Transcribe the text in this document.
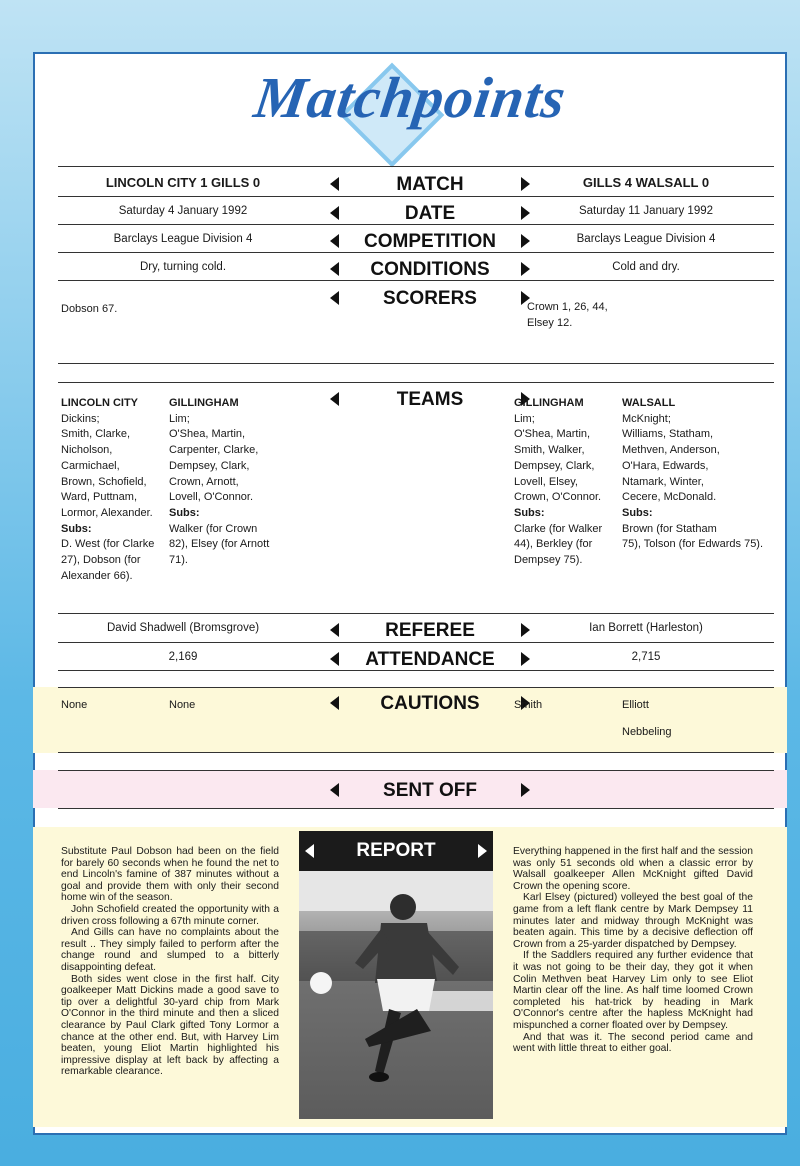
Matchpoints
LINCOLN CITY 1 GILLS 0	MATCH	GILLS 4 WALSALL 0
Saturday 4 January 1992	DATE	Saturday 11 January 1992
Barclays League Division 4	COMPETITION	Barclays League Division 4
Dry, turning cold.	CONDITIONS	Cold and dry.
SCORERS
Dobson 67.	Crown 1, 26, 44,
Elsey 12.
TEAMS
LINCOLN CITY
Dickins;
Smith, Clarke,
Nicholson,
Carmichael,
Brown, Schofield,
Ward, Puttnam,
Lormor, Alexander.
Subs:
D. West (for Clarke
27), Dobson (for
Alexander 66).
GILLINGHAM
Lim;
O'Shea, Martin,
Carpenter, Clarke,
Dempsey, Clark,
Crown, Arnott,
Lovell, O'Connor.
Subs:
Walker (for Crown
82), Elsey (for Arnott
71).
GILLINGHAM
Lim;
O'Shea, Martin,
Smith, Walker,
Dempsey, Clark,
Lovell, Elsey,
Crown, O'Connor.
Subs:
Clarke (for Walker
44), Berkley (for
Dempsey 75).
WALSALL
McKnight;
Williams, Statham,
Methven, Anderson,
O'Hara, Edwards,
Ntamark, Winter,
Cecere, McDonald.
Subs:
Brown (for Statham
75), Tolson (for Edwards 75).
David Shadwell (Bromsgrove)	REFEREE	Ian Borrett (Harleston)
2,169	ATTENDANCE	2,715
CAUTIONS
None	None	Smith	Elliott
Nebbeling
SENT OFF

Substitute Paul Dobson had been on the field for barely 60 seconds when he found the net to end Lincoln's famine of 387 minutes without a goal and provide them with only their second home win of the season.

John Schofield created the opportunity with a driven cross following a 67th minute corner.

And Gills can have no complaints about the result .. They simply failed to perform after the change round and slumped to a bitterly disappointing defeat.

Both sides went close in the first half. City goalkeeper Matt Dickins made a good save to tip over a delightful 30-yard chip from Mark O'Connor in the third minute and then a sliced clearance by Paul Clark gifted Tony Lormor a chance at the other end. But, with Harvey Lim beaten, young Eliot Martin highlighted his impressive display at left back by affecting a remarkable clearance.

REPORT	Everything happened in the first half and the session was only 51 seconds old when a classic error by Walsall goalkeeper Allen McKnight gifted David Crown the opening score.

Karl Elsey (pictured) volleyed the best goal of the game from a left flank centre by Mark Dempsey 11 minutes later and midway through McKnight was beaten again. This time by a decisive deflection off Crown from a 25-yarder dispatched by Dempsey.

If the Saddlers required any further evidence that it was not going to be their day, they got it when Colin Methven beat Harvey Lim only to see Eliot Martin clear off the line. As half time loomed Crown completed his hat-trick by heading in Mark O'Connor's centre after the hapless McKnight had mispunched a corner floated over by Dempsey.

And that was it. The second period came and went with little threat to either goal.
